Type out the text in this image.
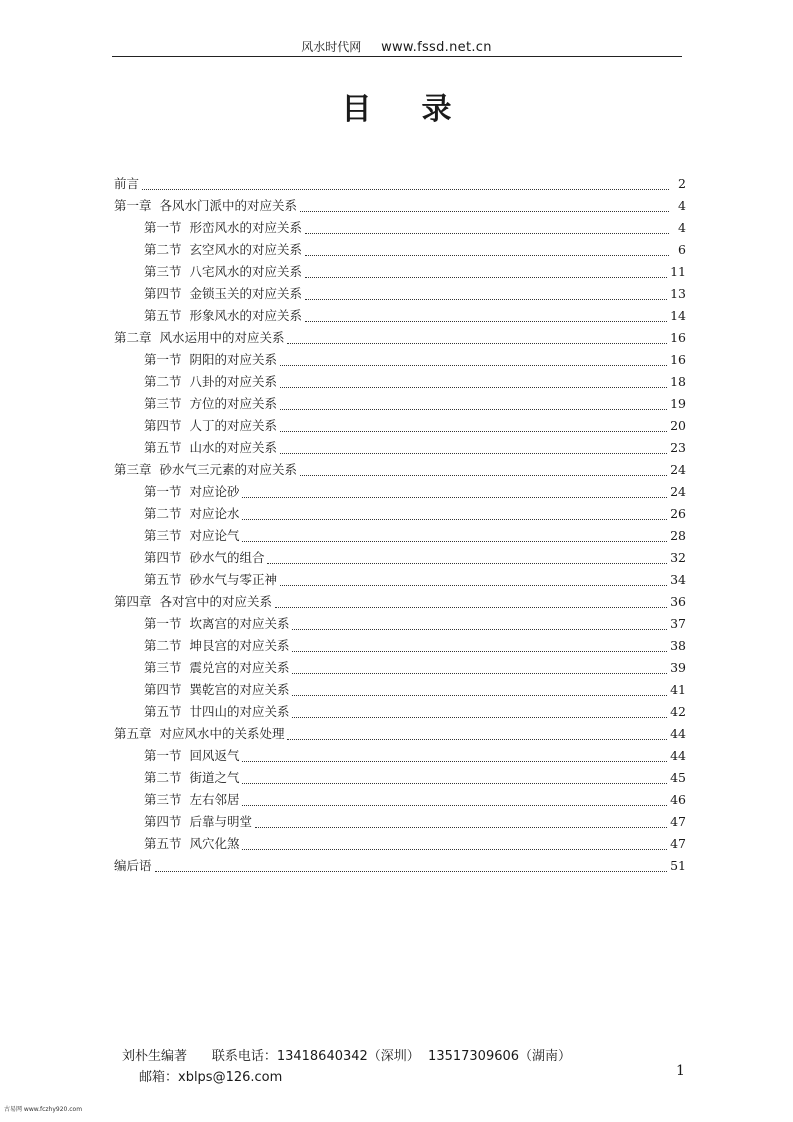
风水时代网 www.fssd.net.cn
目录
前言	2
第一章  各风水门派中的对应关系	4
第一节  形峦风水的对应关系	4
第二节  玄空风水的对应关系	6
第三节  八宅风水的对应关系	11
第四节  金锁玉关的对应关系	13
第五节  形象风水的对应关系	14
第二章  风水运用中的对应关系	16
第一节  阴阳的对应关系	16
第二节  八卦的对应关系	18
第三节  方位的对应关系	19
第四节  人丁的对应关系	20
第五节  山水的对应关系	23
第三章  砂水气三元素的对应关系	24
第一节  对应论砂	24
第二节  对应论水	26
第三节  对应论气	28
第四节  砂水气的组合	32
第五节  砂水气与零正神	34
第四章  各对宫中的对应关系	36
第一节  坎离宫的对应关系	37
第二节  坤艮宫的对应关系	38
第三节  震兑宫的对应关系	39
第四节  巽乾宫的对应关系	41
第五节  廿四山的对应关系	42
第五章  对应风水中的关系处理	44
第一节  回风返气	44
第二节  街道之气	45
第三节  左右邻居	46
第四节  后靠与明堂	47
第五节  风穴化煞	47
编后语	51
刘朴生编著 联系电话：13418640342（深圳）  13517309606（湖南）
邮箱：xblps@126.com	1
古易网 www.fczhy920.com
